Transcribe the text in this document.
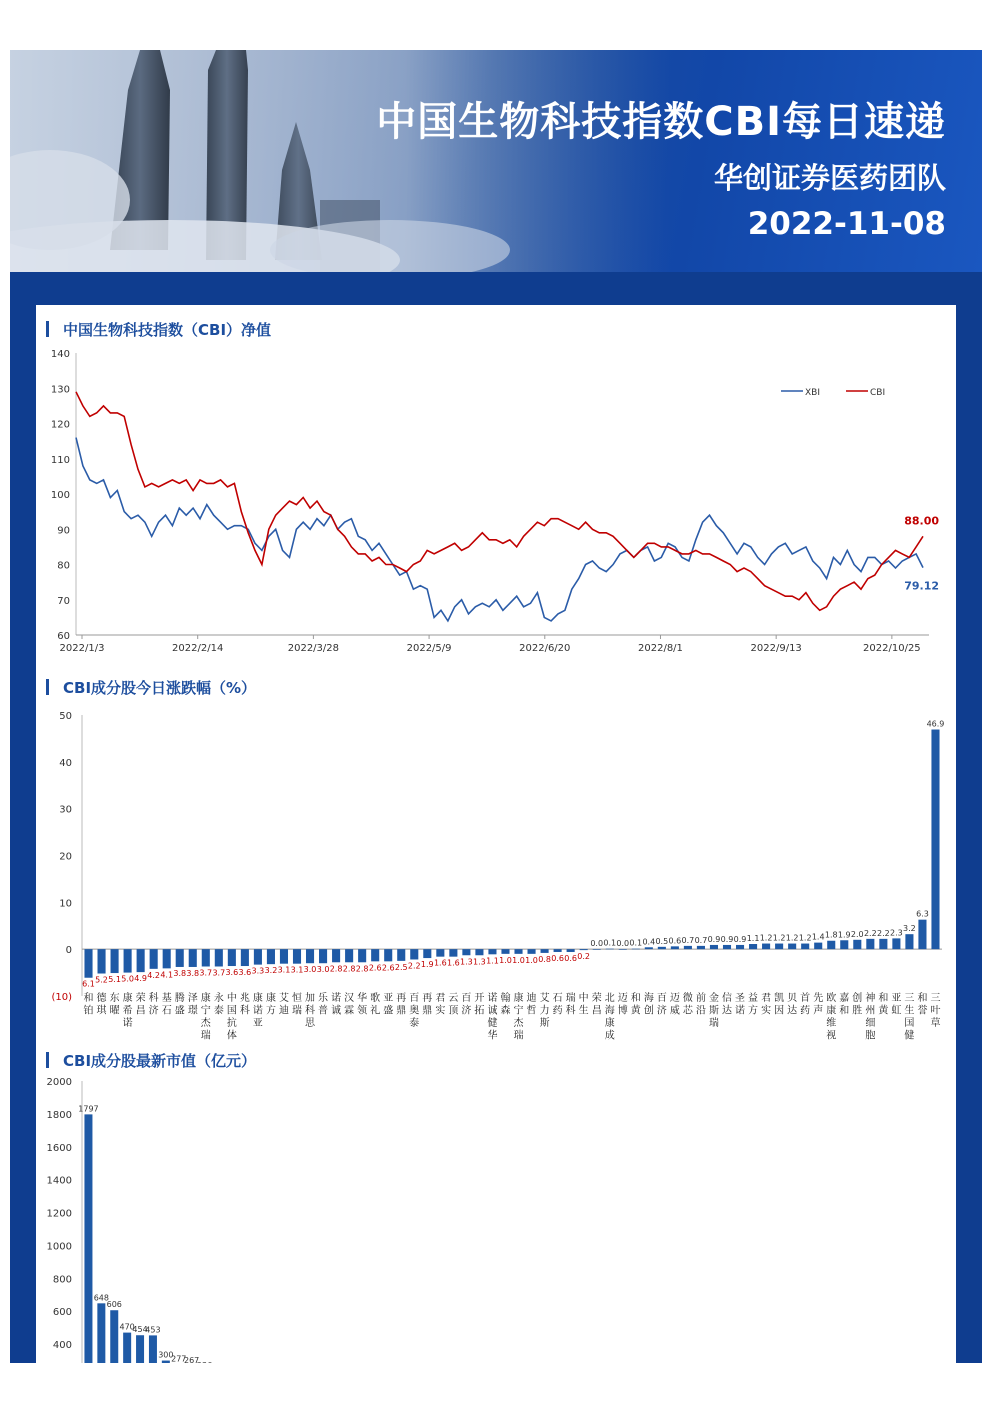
中国生物科技指数CBI每日速递
华创证券医药团队
2022-11-08
中国生物科技指数（CBI）净值
60
70
80
90
100
110
120
130
140
2022/1/3	2022/2/14	2022/3/28	2022/5/9	2022/6/20	2022/8/1	2022/9/13	2022/10/25
79.12
88.00
XBI	CBI
CBI成分股今日涨跌幅（%）
(10)
0
10
20
30
40
50
6.1
和铂
5.2
德琪
5.1
东曜
5.0
康希诺
4.9
荣昌
4.2
科济
4.1
基石
3.8
腾盛
3.8
泽璟
3.7
康宁杰瑞
3.7
永泰
3.6
中国抗体
3.6
兆科
3.3
康诺亚
3.2
康方
3.1
艾迪
3.1
恒瑞
3.0
加科思
3.0
乐普
2.8
诺诚
2.8
汉霖
2.8
华领
2.6
歌礼
2.6
亚盛
2.5
再鼎
2.2
百奥泰
1.9
再鼎
1.6
君实
1.6
云顶
1.3
百济
1.3
开拓
1.1
诺诚健华
1.0
翰森
1.0
康宁杰瑞
1.0
迪哲
0.8
艾力斯
0.6
石药
0.6
瑞科
0.2
中生
0.0
荣昌
0.1
北海康成
0.0
迈博
0.1
和黄
0.4
海创
0.5
百济
0.6
迈威
0.7
微芯
0.7
前沿
0.9
金斯瑞
0.9
信达
0.9
圣诺
1.1
益方
1.2
君实
1.2
凯因
1.2
贝达
1.2
首药
1.4
先声
1.8
欧康维视
1.9
嘉和
2.0
创胜
2.2
神州细胞
2.2
和黄
2.3
亚虹
3.2
三生国健
6.3
和誉
46.9
三叶草
CBI成分股最新市值（亿元）
200
400
600
800
1000
1200
1400
1600
1800
2000
1797
648
606
470
454
453
300
277
267
236
222
208
168
